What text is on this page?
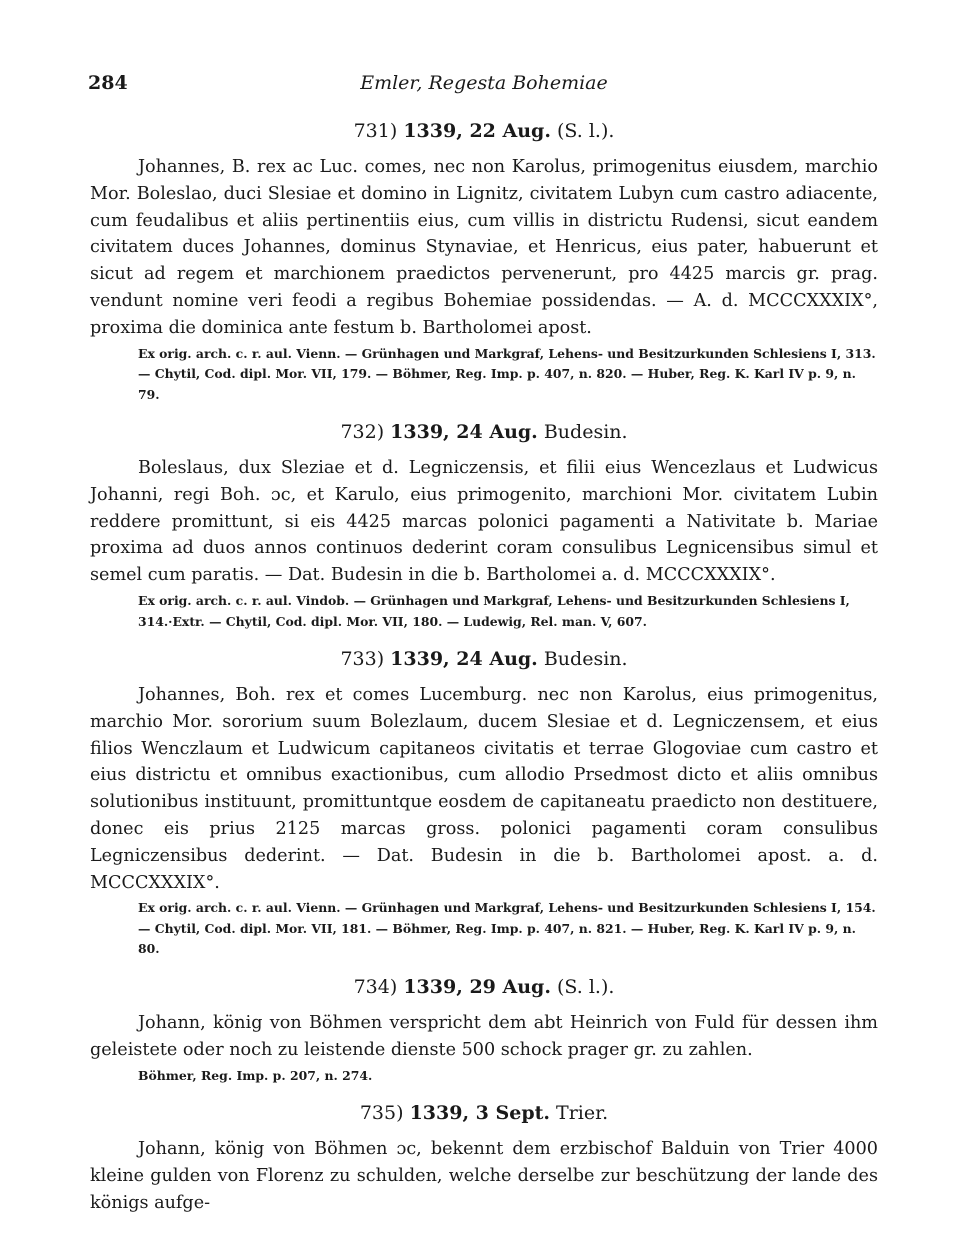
284	Emler, Regesta Bohemiae
731) 1339, 22 Aug. (S. l.).

Johannes, B. rex ac Luc. comes, nec non Karolus, primogenitus eiusdem, marchio Mor. Boleslao, duci Slesiae et domino in Lignitz, civitatem Lubyn cum castro adiacente, cum feudalibus et aliis pertinentiis eius, cum villis in districtu Rudensi, sicut eandem civitatem duces Johannes, dominus Stynaviae, et Henricus, eius pater, habuerunt et sicut ad regem et marchionem praedictos pervenerunt, pro 4425 marcis gr. prag. vendunt nomine veri feodi a regibus Bohemiae possidendas. — A. d. MCCCXXXIX°, proxima die dominica ante festum b. Bartholomei apost.

Ex orig. arch. c. r. aul. Vienn. — Grünhagen und Markgraf, Lehens- und Besitzurkunden Schlesiens I, 313. — Chytil, Cod. dipl. Mor. VII, 179. — Böhmer, Reg. Imp. p. 407, n. 820. — Huber, Reg. K. Karl IV p. 9, n. 79.

732) 1339, 24 Aug. Budesin.

Boleslaus, dux Sleziae et d. Legniczensis, et filii eius Wencezlaus et Ludwicus Johanni, regi Boh. ɔc, et Karulo, eius primogenito, marchioni Mor. civitatem Lubin reddere promittunt, si eis 4425 marcas polonici pagamenti a Nativitate b. Mariae proxima ad duos annos continuos dederint coram consulibus Legnicensibus simul et semel cum paratis. — Dat. Budesin in die b. Bartholomei a. d. MCCCXXXIX°.

Ex orig. arch. c. r. aul. Vindob. — Grünhagen und Markgraf, Lehens- und Besitzurkunden Schlesiens I, 314.·Extr. — Chytil, Cod. dipl. Mor. VII, 180. — Ludewig, Rel. man. V, 607.

733) 1339, 24 Aug. Budesin.

Johannes, Boh. rex et comes Lucemburg. nec non Karolus, eius primogenitus, marchio Mor. sororium suum Bolezlaum, ducem Slesiae et d. Legniczensem, et eius filios Wenczlaum et Ludwicum capitaneos civitatis et terrae Glogoviae cum castro et eius districtu et omnibus exactionibus, cum allodio Prsedmost dicto et aliis omnibus solutionibus instituunt, promittuntque eosdem de capitaneatu praedicto non destituere, donec eis prius 2125 marcas gross. polonici pagamenti coram consulibus Legniczensibus dederint. — Dat. Budesin in die b. Bartholomei apost. a. d. MCCCXXXIX°.

Ex orig. arch. c. r. aul. Vienn. — Grünhagen und Markgraf, Lehens- und Besitzurkunden Schlesiens I, 154. — Chytil, Cod. dipl. Mor. VII, 181. — Böhmer, Reg. Imp. p. 407, n. 821. — Huber, Reg. K. Karl IV p. 9, n. 80.

734) 1339, 29 Aug. (S. l.).

Johann, könig von Böhmen verspricht dem abt Heinrich von Fuld für dessen ihm geleistete oder noch zu leistende dienste 500 schock prager gr. zu zahlen.

Böhmer, Reg. Imp. p. 207, n. 274.

735) 1339, 3 Sept. Trier.

Johann, könig von Böhmen ɔc, bekennt dem erzbischof Balduin von Trier 4000 kleine gulden von Florenz zu schulden, welche derselbe zur beschützung der lande des königs aufge-
